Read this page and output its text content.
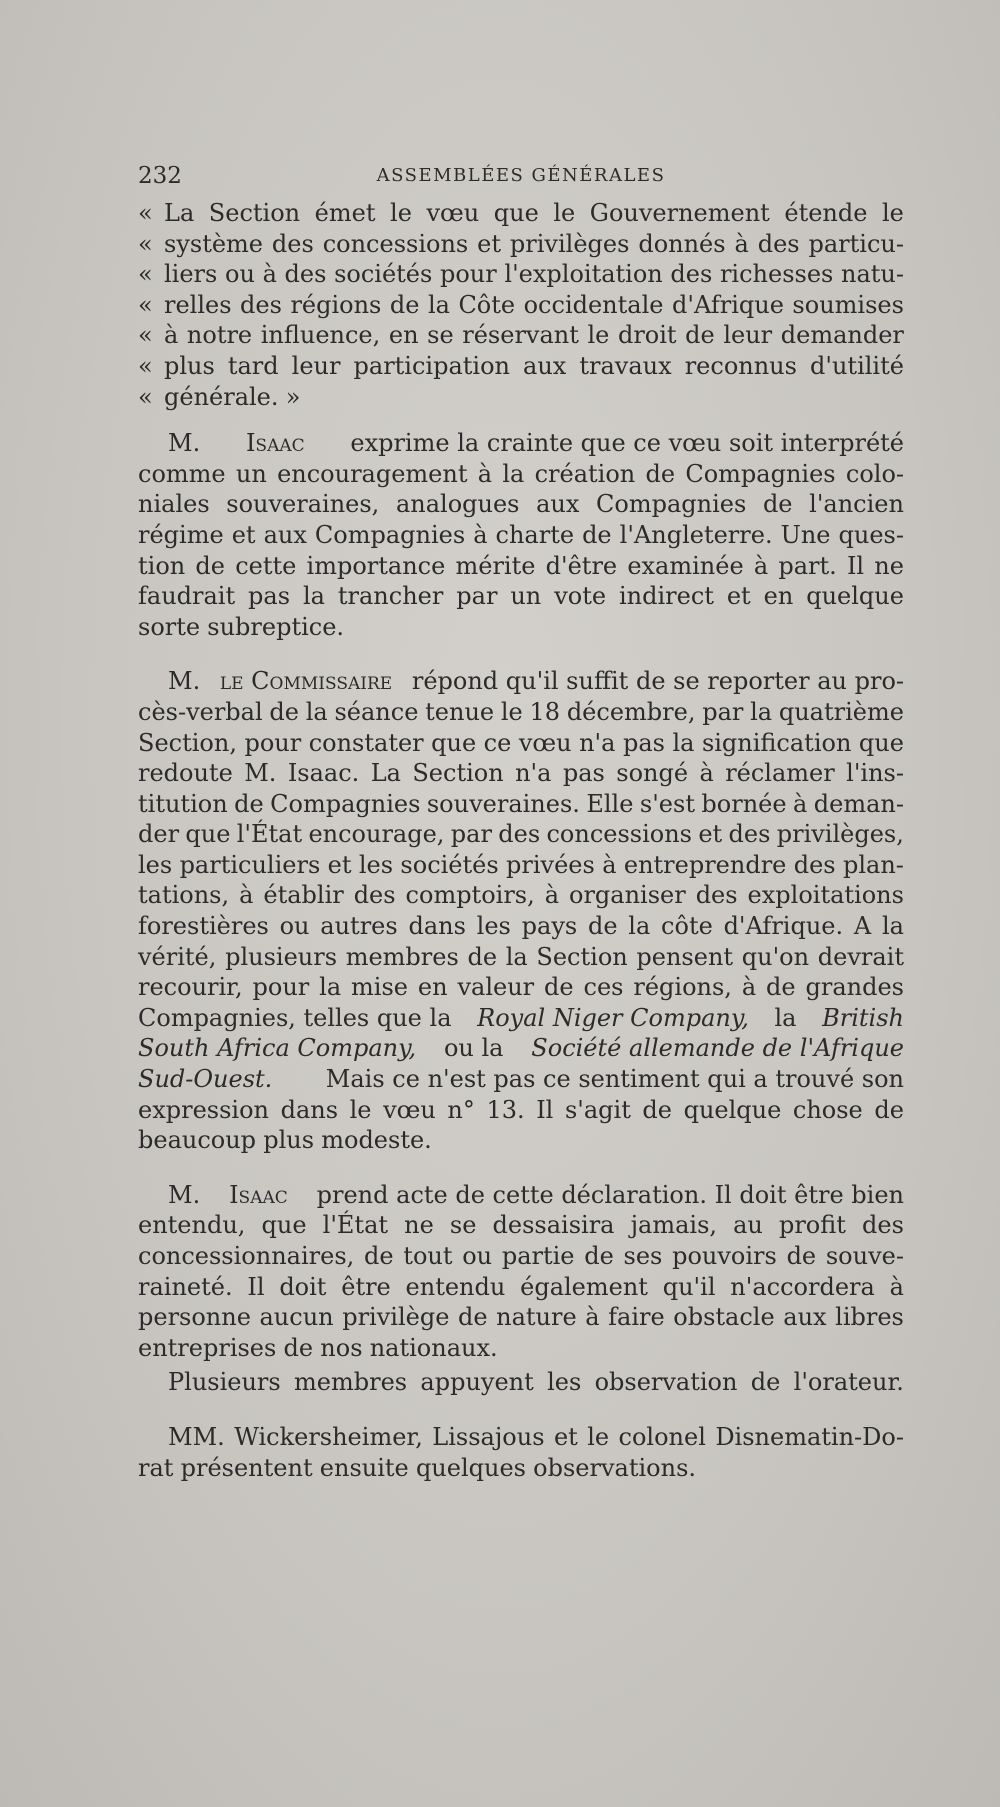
232	ASSEMBLÉES GÉNÉRALES
« La Section émet le vœu que le Gouvernement étende le
« système des concessions et privilèges donnés à des particu-
« liers ou à des sociétés pour l'exploitation des richesses natu-
« relles des régions de la Côte occidentale d'Afrique soumises
« à notre influence, en se réservant le droit de leur demander
« plus tard leur participation aux travaux reconnus d'utilité
« générale. »
M. Isaac exprime la crainte que ce vœu soit interprété
comme un encouragement à la création de Compagnies colo-
niales souveraines, analogues aux Compagnies de l'ancien
régime et aux Compagnies à charte de l'Angleterre. Une ques-
tion de cette importance mérite d'être examinée à part. Il ne
faudrait pas la trancher par un vote indirect et en quelque
sorte subreptice.
M. le Commissaire répond qu'il suffit de se reporter au pro-
cès-verbal de la séance tenue le 18 décembre, par la quatrième
Section, pour constater que ce vœu n'a pas la signification que
redoute M. Isaac. La Section n'a pas songé à réclamer l'ins-
titution de Compagnies souveraines. Elle s'est bornée à deman-
der que l'État encourage, par des concessions et des privilèges,
les particuliers et les sociétés privées à entreprendre des plan-
tations, à établir des comptoirs, à organiser des exploitations
forestières ou autres dans les pays de la côte d'Afrique. A la
vérité, plusieurs membres de la Section pensent qu'on devrait
recourir, pour la mise en valeur de ces régions, à de grandes
Compagnies, telles que la Royal Niger Company, la British
South Africa Company, ou la Société allemande de l'Afrique
Sud-Ouest. Mais ce n'est pas ce sentiment qui a trouvé son
expression dans le vœu n° 13. Il s'agit de quelque chose de
beaucoup plus modeste.
M. Isaac prend acte de cette déclaration. Il doit être bien
entendu, que l'État ne se dessaisira jamais, au profit des
concessionnaires, de tout ou partie de ses pouvoirs de souve-
raineté. Il doit être entendu également qu'il n'accordera à
personne aucun privilège de nature à faire obstacle aux libres
entreprises de nos nationaux.
Plusieurs membres appuyent les observation de l'orateur.
MM. Wickersheimer, Lissajous et le colonel Disnematin-Do-
rat présentent ensuite quelques observations.
